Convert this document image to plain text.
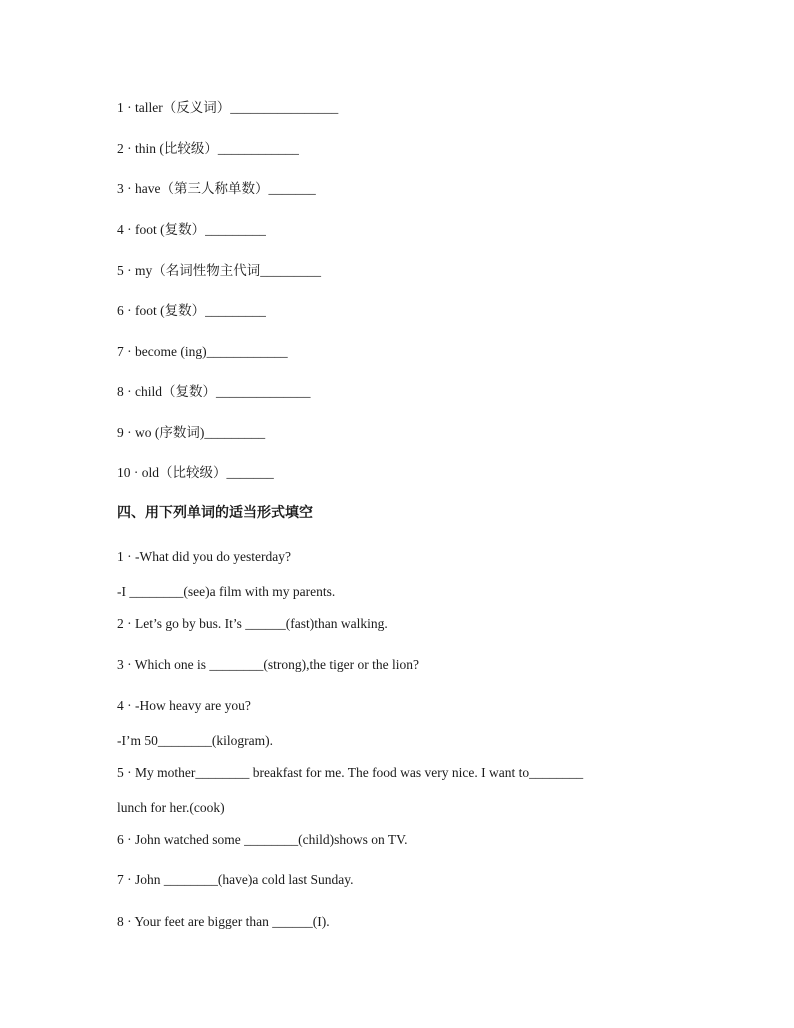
1 · taller（反义词）________________
2 · thin (比较级）____________
3 · have（第三人称单数）_______
4 · foot (复数）_________
5 · my（名词性物主代词_________
6 · foot (复数）_________
7 · become (ing)____________
8 · child（复数）______________
9 · wo (序数词)_________
10 · old（比较级）_______
四、用下列单词的适当形式填空
1 · -What did you do yesterday?
-I ________(see)a film with my parents.
2 · Let’s go by bus. It’s ______(fast)than walking.
3 · Which one is ________(strong),the tiger or the lion?
4 · -How heavy are you?
-I’m 50________(kilogram).
5 · My mother________ breakfast for me. The food was very nice. I want to________
lunch for her.(cook)
6 · John watched some ________(child)shows on TV.
7 · John ________(have)a cold last Sunday.
8 · Your feet are bigger than ______(I).
